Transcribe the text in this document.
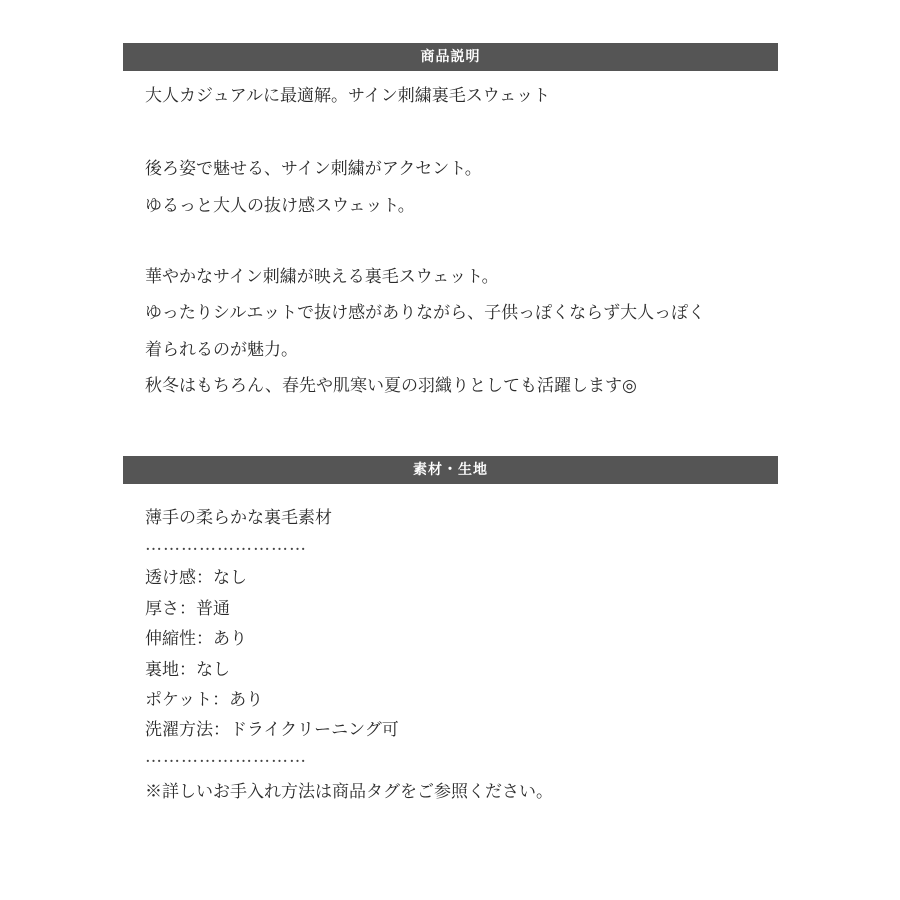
商品説明
大人カジュアルに最適解。サイン刺繍裏毛スウェット
後ろ姿で魅せる、サイン刺繍がアクセント。
ゆるっと大人の抜け感スウェット。
華やかなサイン刺繍が映える裏毛スウェット。
ゆったりシルエットで抜け感がありながら、子供っぽくならず大人っぽく
着られるのが魅力。
秋冬はもちろん、春先や肌寒い夏の羽織りとしても活躍します◎
素材・生地
薄手の柔らかな裏毛素材
………………………
透け感：なし
厚さ：普通
伸縮性：あり
裏地：なし
ポケット：あり
洗濯方法：ドライクリーニング可
………………………
※詳しいお手入れ方法は商品タグをご参照ください。
